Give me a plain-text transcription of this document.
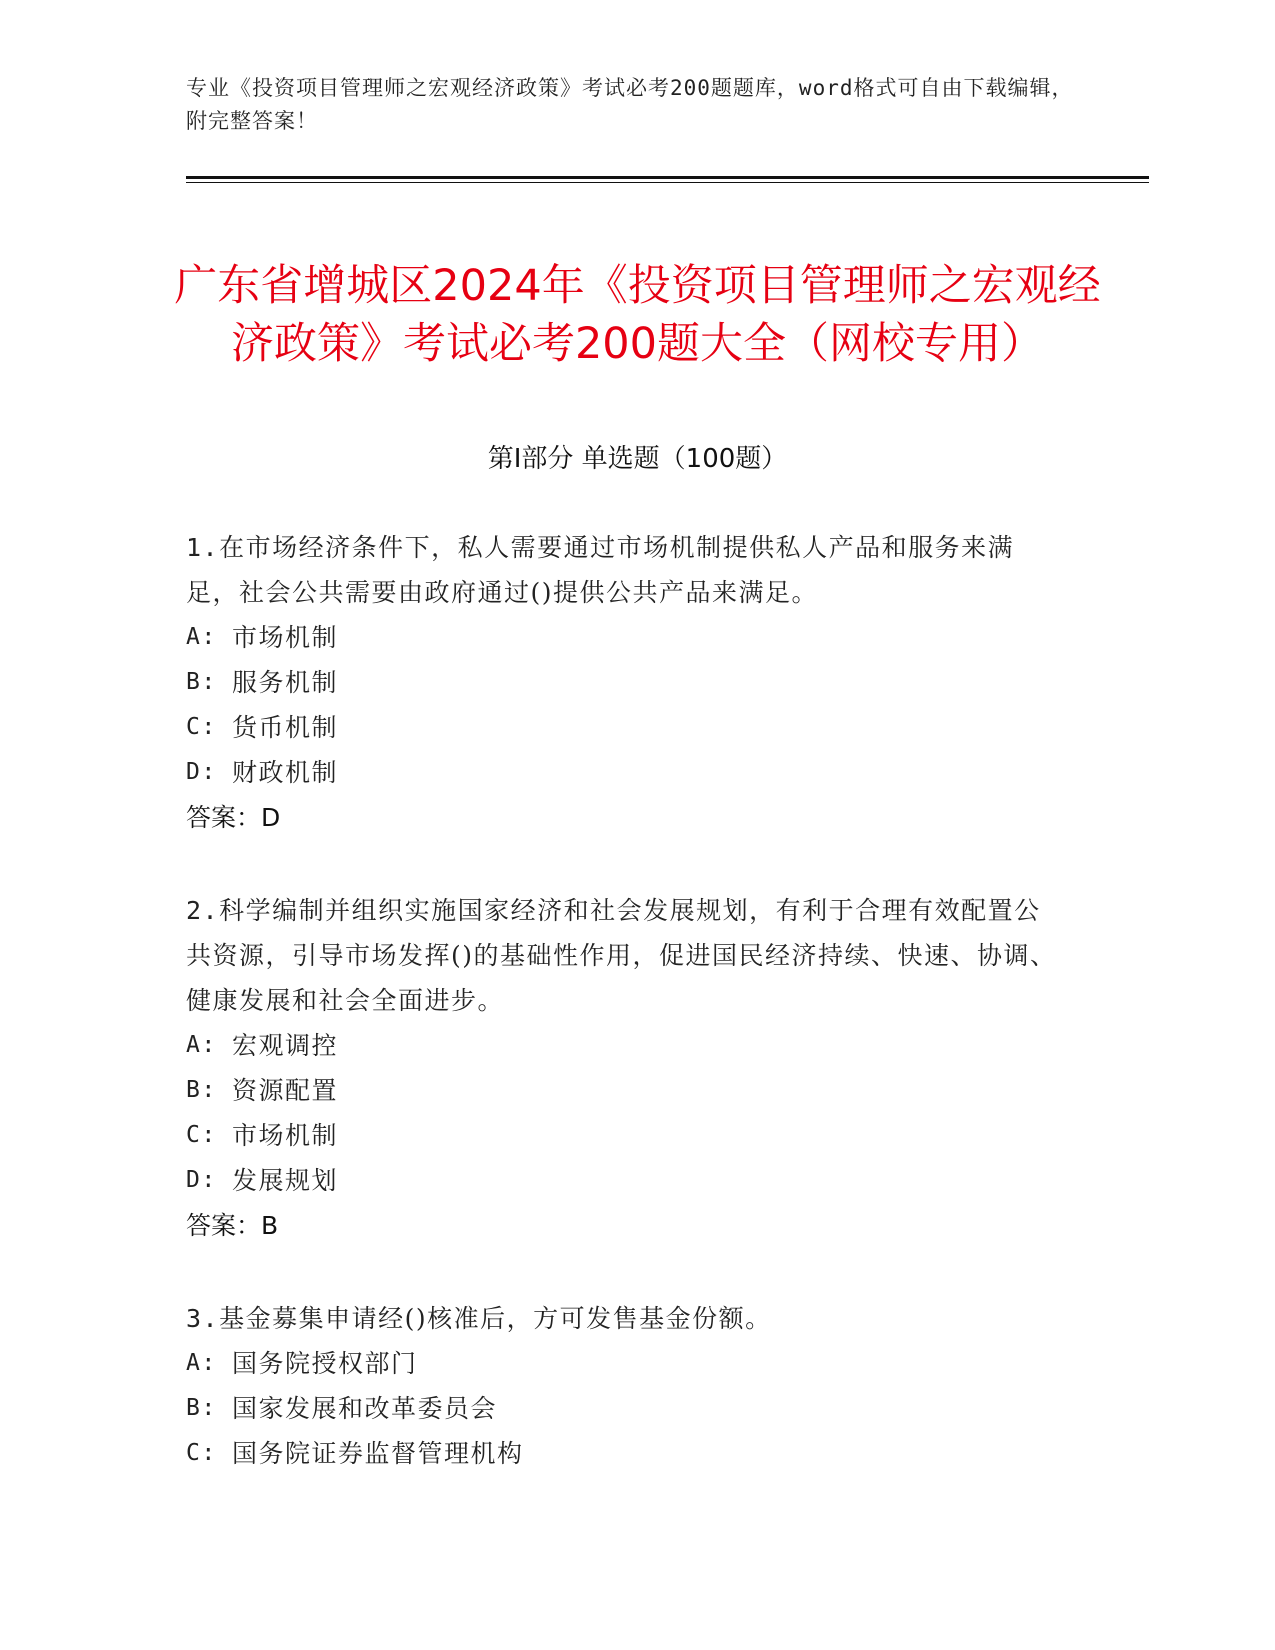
专业《投资项目管理师之宏观经济政策》考试必考200题题库，word格式可自由下载编辑，附完整答案！
广东省增城区2024年《投资项目管理师之宏观经济政策》考试必考200题大全（网校专用）
第I部分 单选题（100题）
1.在市场经济条件下，私人需要通过市场机制提供私人产品和服务来满足，社会公共需要由政府通过()提供公共产品来满足。
A: 市场机制
B: 服务机制
C: 货币机制
D: 财政机制
答案：D
2.科学编制并组织实施国家经济和社会发展规划，有利于合理有效配置公共资源，引导市场发挥()的基础性作用，促进国民经济持续、快速、协调、健康发展和社会全面进步。
A: 宏观调控
B: 资源配置
C: 市场机制
D: 发展规划
答案：B
3.基金募集申请经()核准后，方可发售基金份额。
A: 国务院授权部门
B: 国家发展和改革委员会
C: 国务院证券监督管理机构
